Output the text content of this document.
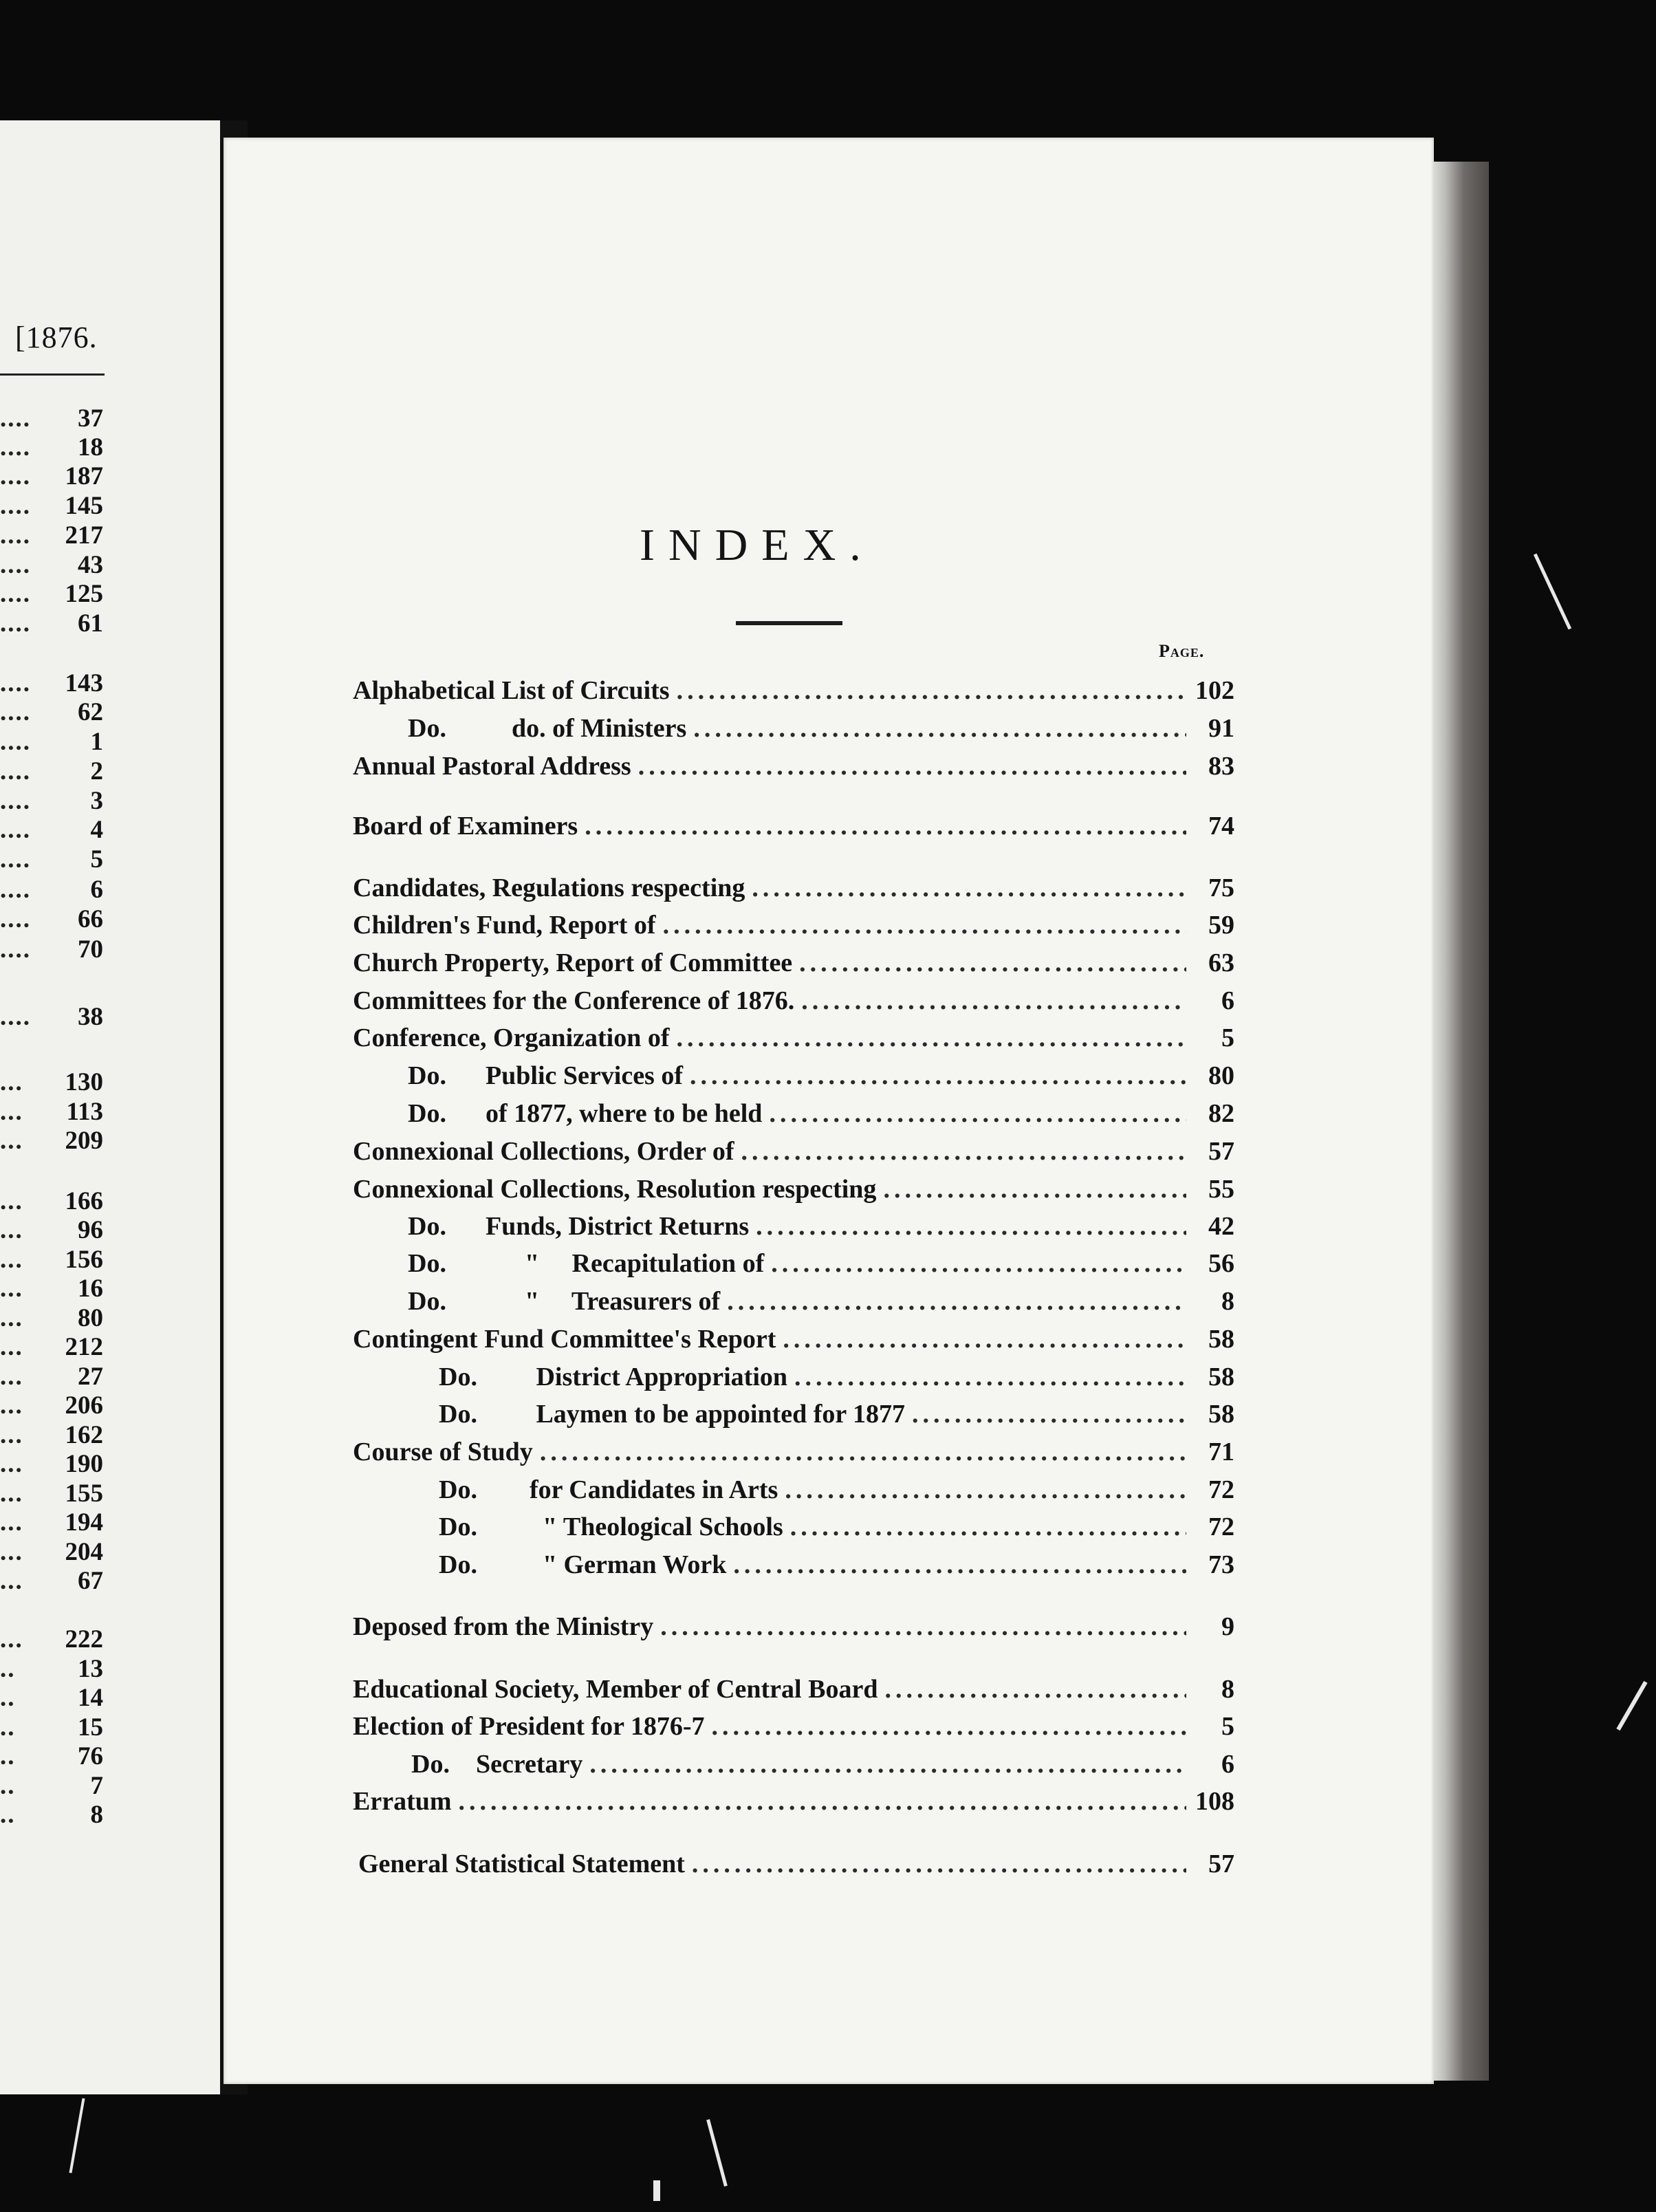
[1876.
.... 37
.... 18
.... 187
.... 145
.... 217
.... 43
.... 125
.... 61
.... 143
.... 62
.... 1
.... 2
.... 3
.... 4
.... 5
.... 6
.... 66
.... 70
.... 38
... 130
... 113
... 209
... 166
... 96
... 156
... 16
... 80
... 212
... 27
... 206
... 162
... 190
... 155
... 194
... 204
... 67
... 222
.. 13
.. 14
.. 15
.. 76
..	7
..	8
INDEX.
Page.
Alphabetical List of Circuits .....	102
Do.          do. of Ministers .....	91
Annual Pastoral Address .....	83
Board of Examiners .....	74
Candidates, Regulations respecting .....	75
Children's Fund, Report of .....	59
Church Property, Report of Committee .....	63
Committees for the Conference of 1876. .....	6
Conference, Organization of .....	5
Do.      Public Services of .....	80
Do.      of 1877, where to be held .....	82
Connexional Collections, Order of .....	57
Connexional Collections, Resolution respecting .....	55
Do.      Funds, District Returns .....	42
Do.            "     Recapitulation of .....	56
Do.            "     Treasurers of .....	8
Contingent Fund Committee's Report .....	58
Do.         District Appropriation .....	58
Do.         Laymen to be appointed for 1877 .....	58
Course of Study .....	71
Do.        for Candidates in Arts .....	72
Do.          " Theological Schools .....	72
Do.          " German Work .....	73
Deposed from the Ministry .....	9
Educational Society, Member of Central Board .....	8
Election of President for 1876-7 .....	5
Do.    Secretary .....	6
Erratum .....	108
General Statistical Statement .....	57
